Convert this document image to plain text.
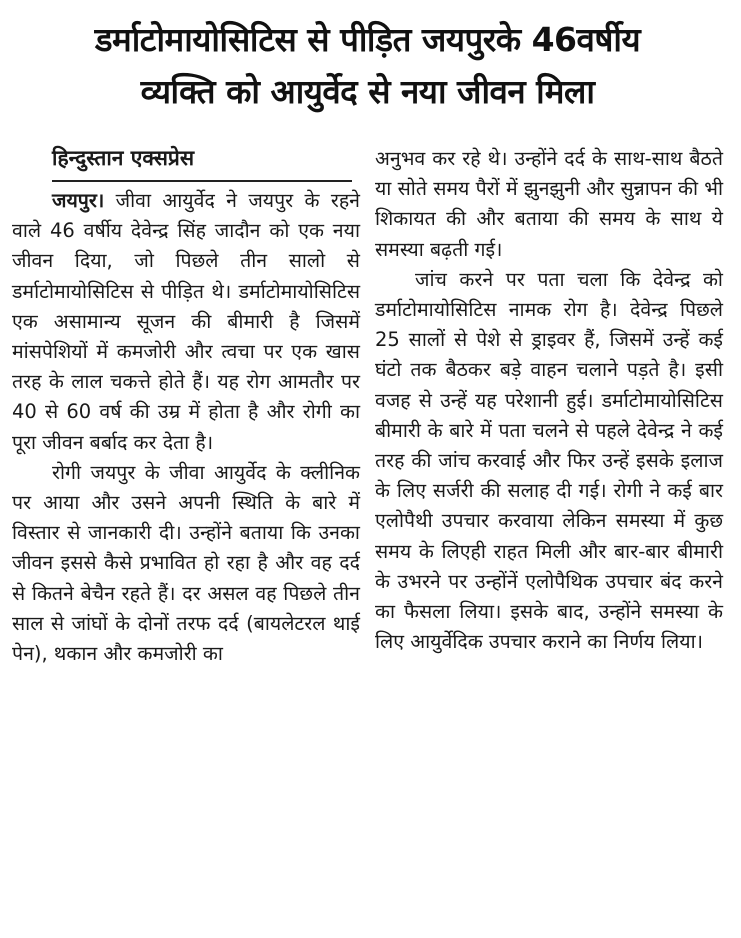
डर्माटोमायोसिटिस से पीड़ित जयपुरके 46वर्षीय
व्यक्ति को आयुर्वेद से नया जीवन मिला
हिन्दुस्तान एक्सप्रेस

जयपुर। जीवा आयुर्वेद ने जयपुर के रहने वाले 46 वर्षीय देवेन्द्र सिंह जादौन को एक नया जीवन दिया, जो पिछले तीन सालो से डर्माटोमायोसिटिस से पीड़ित थे। डर्माटोमायोसिटिस एक असामान्य सूजन की बीमारी है जिसमें मांसपेशियों में कमजोरी और त्वचा पर एक खास तरह के लाल चकत्ते होते हैं। यह रोग आमतौर पर 40 से 60 वर्ष की उम्र में होता है और रोगी का पूरा जीवन बर्बाद कर देता है।

रोगी जयपुर के जीवा आयुर्वेद के क्लीनिक पर आया और उसने अपनी स्थिति के बारे में विस्तार से जानकारी दी। उन्होंने बताया कि उनका जीवन इससे कैसे प्रभावित हो रहा है और वह दर्द से कितने बेचैन रहते हैं। दर असल वह पिछले तीन साल से जांघों के दोनों तरफ दर्द (बायलेटरल थाई पेन), थकान और कमजोरी का

अनुभव कर रहे थे। उन्होंने दर्द के साथ-साथ बैठते या सोते समय पैरों में झुनझुनी और सुन्नापन की भी शिकायत की और बताया की समय के साथ ये समस्या बढ़ती गई।

जांच करने पर पता चला कि देवेन्द्र को डर्माटोमायोसिटिस नामक रोग है। देवेन्द्र पिछले 25 सालों से पेशे से ड्राइवर हैं, जिसमें उन्हें कई घंटो तक बैठकर बड़े वाहन चलाने पड़ते है। इसी वजह से उन्हें यह परेशानी हुई। डर्माटोमायोसिटिस बीमारी के बारे में पता चलने से पहले देवेन्द्र ने कई तरह की जांच करवाई और फिर उन्हें इसके इलाज के लिए सर्जरी की सलाह दी गई। रोगी ने कई बार एलोपैथी उपचार करवाया लेकिन समस्या में कुछ समय के लिएही राहत मिली और बार-बार बीमारी के उभरने पर उन्होंनें एलोपैथिक उपचार बंद करने का फैसला लिया। इसके बाद, उन्होंने समस्या के लिए आयुर्वेदिक उपचार कराने का निर्णय लिया।
